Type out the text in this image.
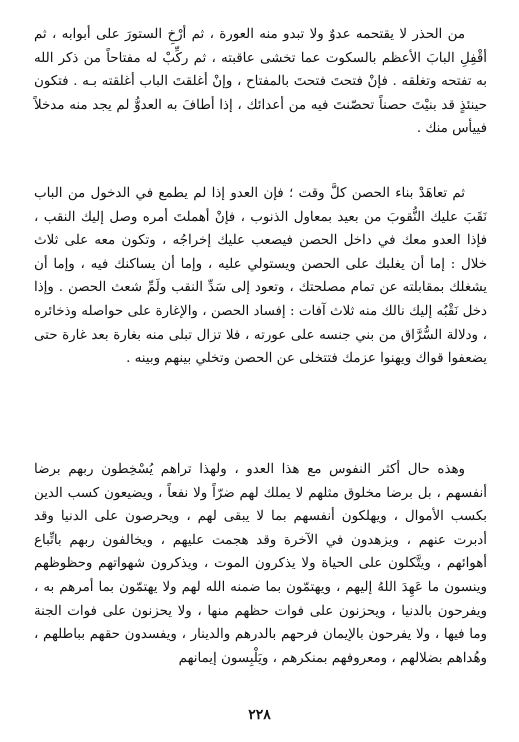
من الحذر لا يقتحمه عدوٌ ولا تبدو منه العورة ، ثم أرْخِ الستورَ على أبوابه ، ثم أقْفِلِ البابَ الأعظم بالسكوت عما تخشى عاقبته ، ثم ركِّبْ له مفتاحاً من ذكر الله به تفتحه وتغلقه . فإنْ فتحتَ فتحتَ بالمفتاح ، وإنْ أغلقتَ الباب أغلقته بـه . فتكون حينئذٍ قد بنيْتَ حصناً تحصّنتَ فيه من أعدائك ، إذا أطافَ به العدوُّ لم يجد منه مدخلاً فييأس منك .

ثم تعاهَدْ بناء الحصن كلَّ وقت ؛ فإن العدو إذا لم يطمع في الدخول من الباب نَقَبَ عليك النُّقوبَ من بعيد بمعاول الذنوب ، فإنْ أهملتَ أمره وصل إليك النقب ، فإذا العدو معك في داخل الحصن فيصعب عليك إخراجُه ، وتكون معه على ثلاث خلال : إما أن يغلبك على الحصن ويستولي عليه ، وإما أن يساكنك فيه ، وإما أن يشغلك بمقابلته عن تمام مصلحتك ، وتعود إلى سَدِّ النقب ولَمِّ شعث الحصن . وإذا دخل نَقْبُه إليك نالك منه ثلاث آفات : إفساد الحصن ، والإغارة على حواصله وذخائره ، ودلالة السُّرَّاق من بني جنسه على عورته ، فلا تزال تبلى منه بغارة بعد غارة حتى يضعفوا قواك ويهنوا عزمك فتتخلى عن الحصن وتخلي بينهم وبينه .

وهذه حال أكثر النفوس مع هذا العدو ، ولهذا تراهم يُسْخِطون ربهم برضا أنفسهم ، بل برضا مخلوق مثلهم لا يملك لهم ضرّاً ولا نفعاً ، ويضيعون كسب الدين بكسب الأموال ، ويهلكون أنفسهم بما لا يبقى لهم ، ويحرصون على الدنيا وقد أدبرت عنهم ، ويزهدون في الآخرة وقد هجمت عليهم ، ويخالفون ربهم باتِّباع أهوائهم ، ويتَّكلون على الحياة ولا يذكرون الموت ، ويذكرون شهواتهم وحظوظهم وينسون ما عَهِدَ اللهُ إليهم ، ويهتمّون بما ضمنه الله لهم ولا يهتمّون بما أمرهم به ، ويفرحون بالدنيا ، ويحزنون على فوات حظهم منها ، ولا يحزنون على فوات الجنة وما فيها ، ولا يفرحون بالإيمان فرحهم بالدرهم والدينار ، ويفسدون حقهم بباطلهم ، وهُداهم بضلالهم ، ومعروفهم بمنكرهم ، ويَلْبِسون إيمانهم

٢٢٨
